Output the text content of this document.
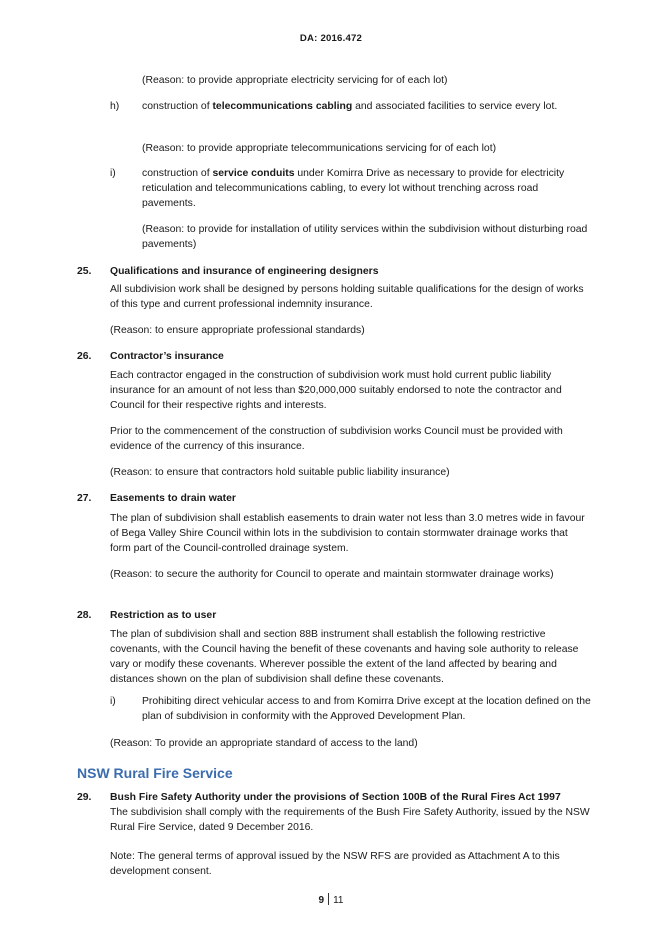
DA: 2016.472
(Reason: to provide appropriate electricity servicing for of each lot)
h) construction of telecommunications cabling and associated facilities to service every lot.
(Reason: to provide appropriate telecommunications servicing for of each lot)
i)	construction of service conduits under Komirra Drive as necessary to provide for electricity reticulation and telecommunications cabling, to every lot without trenching across road pavements.
(Reason: to provide for installation of utility services within the subdivision without disturbing road pavements)
25. Qualifications and insurance of engineering designers
All subdivision work shall be designed by persons holding suitable qualifications for the design of works of this type and current professional indemnity insurance.
(Reason: to ensure appropriate professional standards)
26. Contractor’s insurance
Each contractor engaged in the construction of subdivision work must hold current public liability insurance for an amount of not less than $20,000,000 suitably endorsed to note the contractor and Council for their respective rights and interests.
Prior to the commencement of the construction of subdivision works Council must be provided with evidence of the currency of this insurance.
(Reason: to ensure that contractors hold suitable public liability insurance)
27. Easements to drain water
The plan of subdivision shall establish easements to drain water not less than 3.0 metres wide in favour of Bega Valley Shire Council within lots in the subdivision to contain stormwater drainage works that form part of the Council-controlled drainage system.
(Reason: to secure the authority for Council to operate and maintain stormwater drainage works)
28. Restriction as to user
The plan of subdivision shall and section 88B instrument shall establish the following restrictive covenants, with the Council having the benefit of these covenants and having sole authority to release vary or modify these covenants. Wherever possible the extent of the land affected by bearing and distances shown on the plan of subdivision shall define these covenants.
i)	Prohibiting direct vehicular access to and from Komirra Drive except at the location defined on the plan of subdivision in conformity with the Approved Development Plan.
(Reason: To provide an appropriate standard of access to the land)
NSW Rural Fire Service
29. Bush Fire Safety Authority under the provisions of Section 100B of the Rural Fires Act 1997
The subdivision shall comply with the requirements of the Bush Fire Safety Authority, issued by the NSW Rural Fire Service, dated 9 December 2016.
Note: The general terms of approval issued by the NSW RFS are provided as Attachment A to this development consent.
9 11
